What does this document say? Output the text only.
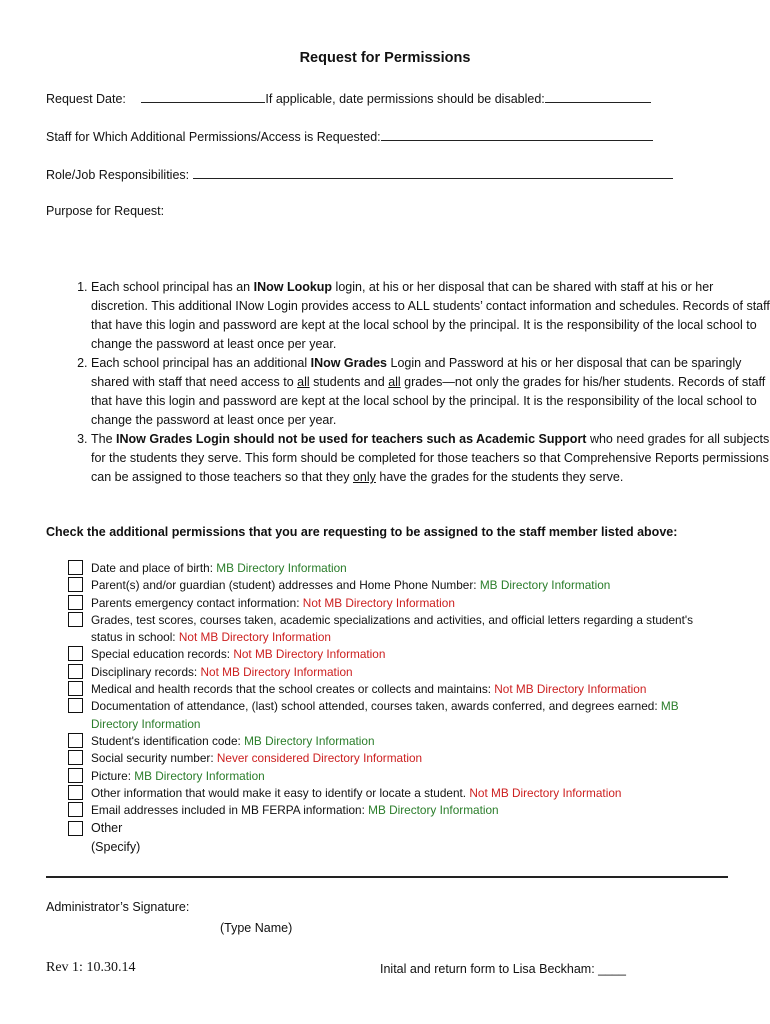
Request for Permissions
Request Date:	If applicable, date permissions should be disabled:
Staff for Which Additional Permissions/Access is Requested:
Role/Job Responsibilities:
Purpose for Request:
1. Each school principal has an INow Lookup login, at his or her disposal that can be shared with staff at his or her discretion. This additional INow Login provides access to ALL students’ contact information and schedules. Records of staff that have this login and password are kept at the local school by the principal. It is the responsibility of the local school to change the password at least once per year.
2. Each school principal has an additional INow Grades Login and Password at his or her disposal that can be sparingly shared with staff that need access to all students and all grades—not only the grades for his/her students. Records of staff that have this login and password are kept at the local school by the principal. It is the responsibility of the local school to change the password at least once per year.
3. The INow Grades Login should not be used for teachers such as Academic Support who need grades for all subjects for the students they serve. This form should be completed for those teachers so that Comprehensive Reports permissions can be assigned to those teachers so that they only have the grades for the students they serve.
Check the additional permissions that you are requesting to be assigned to the staff member listed above:
Date and place of birth: MB Directory Information
Parent(s) and/or guardian (student) addresses and Home Phone Number: MB Directory Information
Parents emergency contact information: Not MB Directory Information
Grades, test scores, courses taken, academic specializations and activities, and official letters regarding a student's status in school: Not MB Directory Information
Special education records: Not MB Directory Information
Disciplinary records: Not MB Directory Information
Medical and health records that the school creates or collects and maintains: Not MB Directory Information
Documentation of attendance, (last) school attended, courses taken, awards conferred, and degrees earned: MB Directory Information
Student's identification code: MB Directory Information
Social security number: Never considered Directory Information
Picture: MB Directory Information
Other information that would make it easy to identify or locate a student. Not MB Directory Information
Email addresses included in MB FERPA information: MB Directory Information
Other
(Specify)
Administrator’s Signature:
(Type Name)
Rev 1: 10.30.14	Inital and return form to Lisa Beckham: ____
